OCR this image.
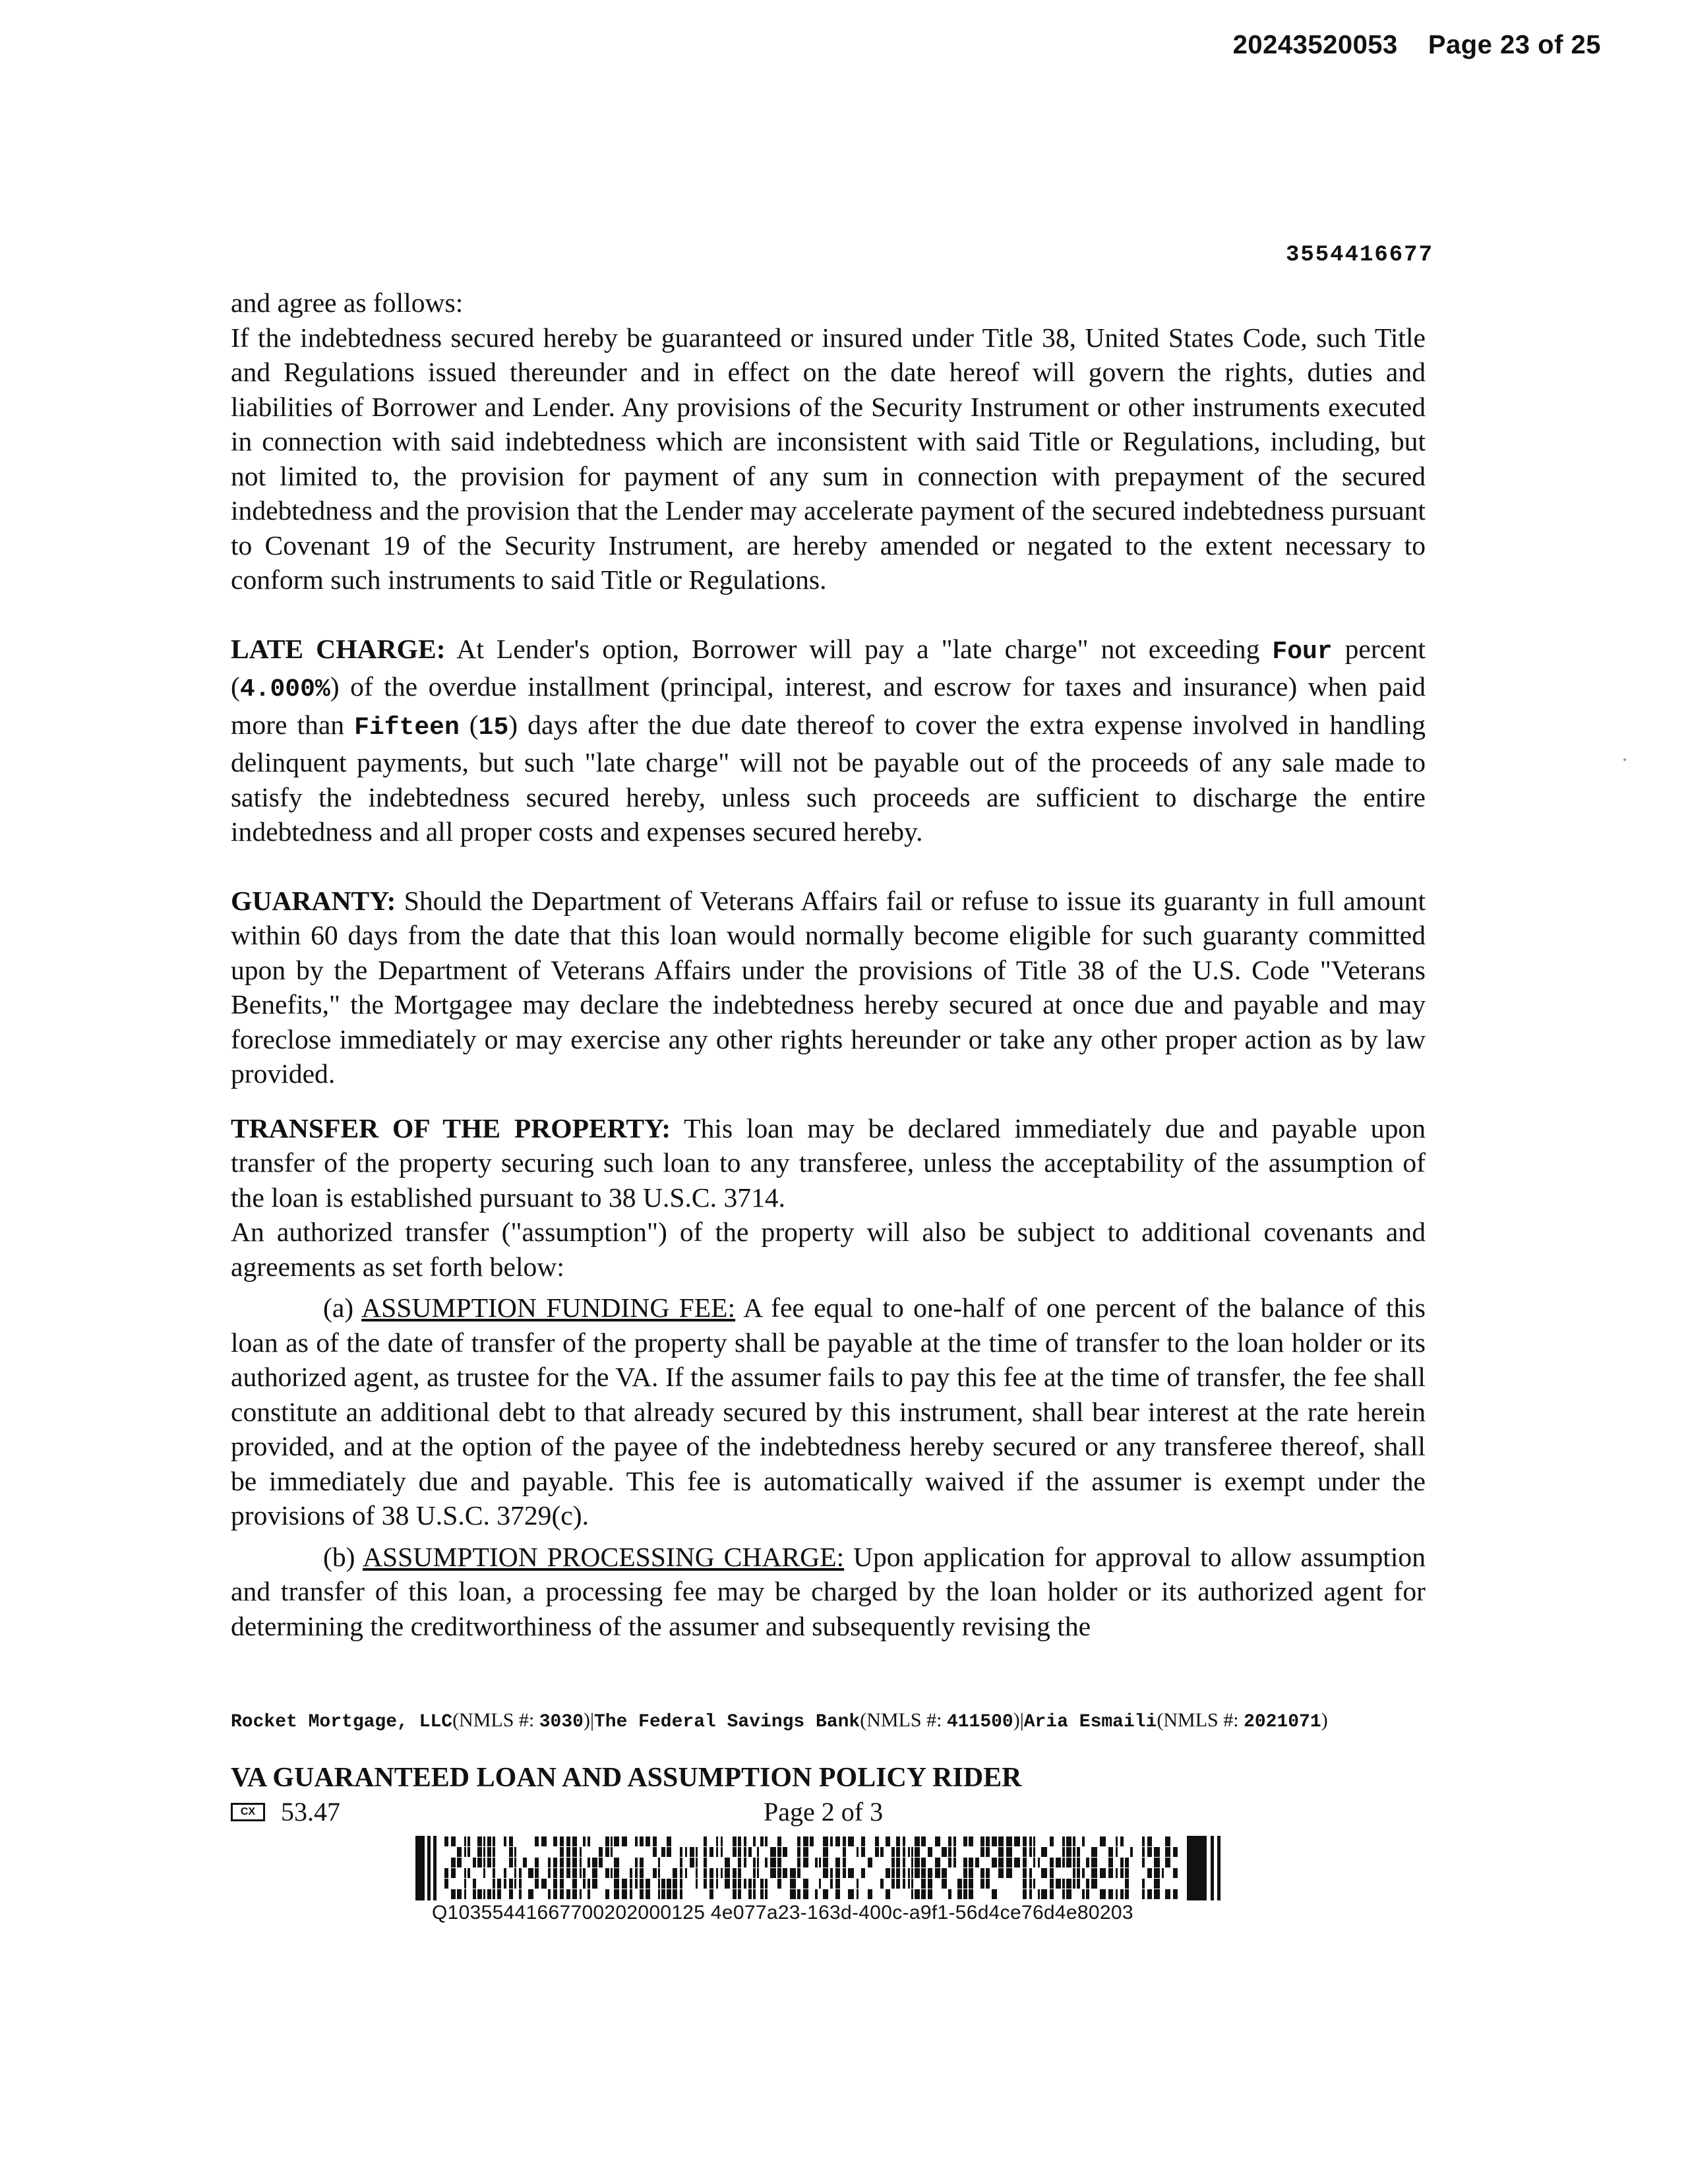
20243520053 Page 23 of 25
3554416677

and agree as follows:

If the indebtedness secured hereby be guaranteed or insured under Title 38, United States Code, such Title and Regulations issued thereunder and in effect on the date hereof will govern the rights, duties and liabilities of Borrower and Lender. Any provisions of the Security Instrument or other instruments executed in connection with said indebtedness which are inconsistent with said Title or Regulations, including, but not limited to, the provision for payment of any sum in connection with prepayment of the secured indebtedness and the provision that the Lender may accelerate payment of the secured indebtedness pursuant to Covenant 19 of the Security Instrument, are hereby amended or negated to the extent necessary to conform such instruments to said Title or Regulations.

LATE CHARGE: At Lender's option, Borrower will pay a "late charge" not exceeding Four percent (4.000%) of the overdue installment (principal, interest, and escrow for taxes and insurance) when paid more than Fifteen (15) days after the due date thereof to cover the extra expense involved in handling delinquent payments, but such "late charge" will not be payable out of the proceeds of any sale made to satisfy the indebtedness secured hereby, unless such proceeds are sufficient to discharge the entire indebtedness and all proper costs and expenses secured hereby.

GUARANTY: Should the Department of Veterans Affairs fail or refuse to issue its guaranty in full amount within 60 days from the date that this loan would normally become eligible for such guaranty committed upon by the Department of Veterans Affairs under the provisions of Title 38 of the U.S. Code "Veterans Benefits," the Mortgagee may declare the indebtedness hereby secured at once due and payable and may foreclose immediately or may exercise any other rights hereunder or take any other proper action as by law provided.

TRANSFER OF THE PROPERTY: This loan may be declared immediately due and payable upon transfer of the property securing such loan to any transferee, unless the acceptability of the assumption of the loan is established pursuant to 38 U.S.C. 3714.

An authorized transfer ("assumption") of the property will also be subject to additional covenants and agreements as set forth below:

(a) ASSUMPTION FUNDING FEE: A fee equal to one-half of one percent of the balance of this loan as of the date of transfer of the property shall be payable at the time of transfer to the loan holder or its authorized agent, as trustee for the VA. If the assumer fails to pay this fee at the time of transfer, the fee shall constitute an additional debt to that already secured by this instrument, shall bear interest at the rate herein provided, and at the option of the payee of the indebtedness hereby secured or any transferee thereof, shall be immediately due and payable. This fee is automatically waived if the assumer is exempt under the provisions of 38 U.S.C. 3729(c).

(b) ASSUMPTION PROCESSING CHARGE: Upon application for approval to allow assumption and transfer of this loan, a processing fee may be charged by the loan holder or its authorized agent for determining the creditworthiness of the assumer and subsequently revising the

Rocket Mortgage, LLC(NMLS #: 3030)|The Federal Savings Bank(NMLS #: 411500)|Aria Esmaili(NMLS #: 2021071)
VA GUARANTEED LOAN AND ASSUMPTION POLICY RIDER
CX 53.47	Page 2 of 3
Q10355441667700202000125 4e077a23-163d-400c-a9f1-56d4ce76d4e80203
